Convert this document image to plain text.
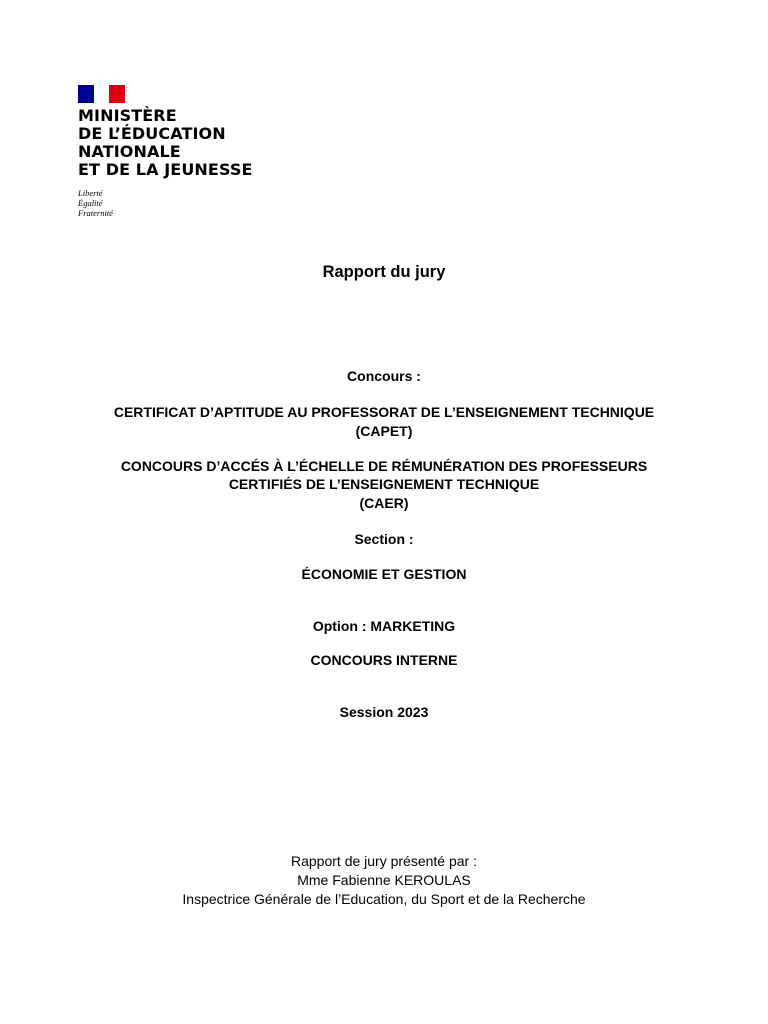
MINISTÈRE
DE L’ÉDUCATION
NATIONALE
ET DE LA JEUNESSE
Liberté
Égalité
Fraternité
Rapport du jury
Concours :
CERTIFICAT D’APTITUDE AU PROFESSORAT DE L’ENSEIGNEMENT TECHNIQUE
(CAPET)
CONCOURS D’ACCÉS À L’ÉCHELLE DE RÉMUNÉRATION DES PROFESSEURS
CERTIFIÉS DE L’ENSEIGNEMENT TECHNIQUE
(CAER)
Section :
ÉCONOMIE ET GESTION
Option : MARKETING
CONCOURS INTERNE
Session 2023
Rapport de jury présenté par :
Mme Fabienne KEROULAS
Inspectrice Générale de l’Education, du Sport et de la Recherche
